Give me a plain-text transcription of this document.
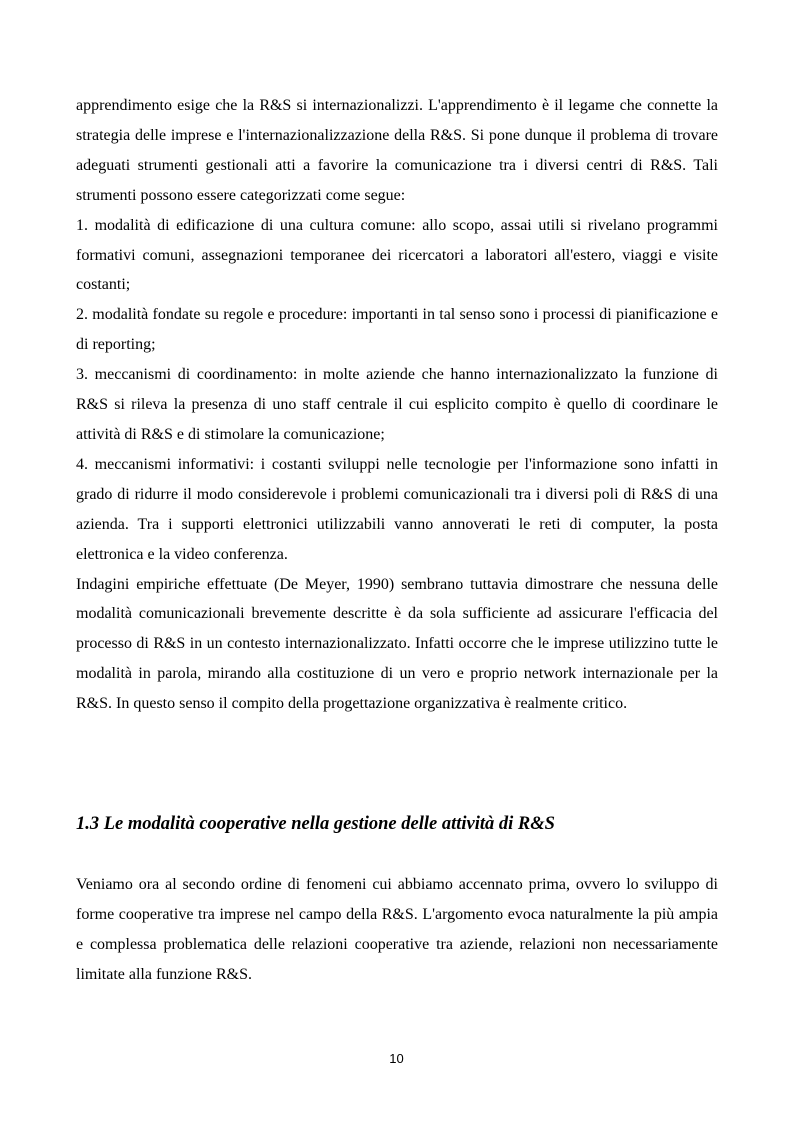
apprendimento esige che la R&S si internazionalizzi. L'apprendimento è il legame che connette la strategia delle imprese e l'internazionalizzazione della R&S. Si pone dunque il problema di trovare adeguati strumenti gestionali atti a favorire la comunicazione tra i diversi centri di R&S. Tali strumenti possono essere categorizzati come segue:

1. modalità di edificazione di una cultura comune: allo scopo, assai utili si rivelano programmi formativi comuni, assegnazioni temporanee dei ricercatori a laboratori all'estero, viaggi e visite costanti;

2. modalità fondate su regole e procedure: importanti in tal senso sono i processi di pianificazione e di reporting;

3. meccanismi di coordinamento: in molte aziende che hanno internazionalizzato la funzione di R&S si rileva la presenza di uno staff centrale il cui esplicito compito è quello di coordinare le attività di R&S e di stimolare la comunicazione;

4. meccanismi informativi: i costanti sviluppi nelle tecnologie per l'informazione sono infatti in grado di ridurre il modo considerevole i problemi comunicazionali tra i diversi poli di R&S di una azienda. Tra i supporti elettronici utilizzabili vanno annoverati le reti di computer, la posta elettronica e la video conferenza.

Indagini empiriche effettuate (De Meyer, 1990) sembrano tuttavia dimostrare che nessuna delle modalità comunicazionali brevemente descritte è da sola sufficiente ad assicurare l'efficacia del processo di R&S in un contesto internazionalizzato. Infatti occorre che le imprese utilizzino tutte le modalità in parola, mirando alla costituzione di un vero e proprio network internazionale per la R&S. In questo senso il compito della progettazione organizzativa è realmente critico.

1.3 Le modalità cooperative nella gestione delle attività di R&S

Veniamo ora al secondo ordine di fenomeni cui abbiamo accennato prima, ovvero lo sviluppo di forme cooperative tra imprese nel campo della R&S. L'argomento evoca naturalmente la più ampia e complessa problematica delle relazioni cooperative tra aziende, relazioni non necessariamente limitate alla funzione R&S.

10
